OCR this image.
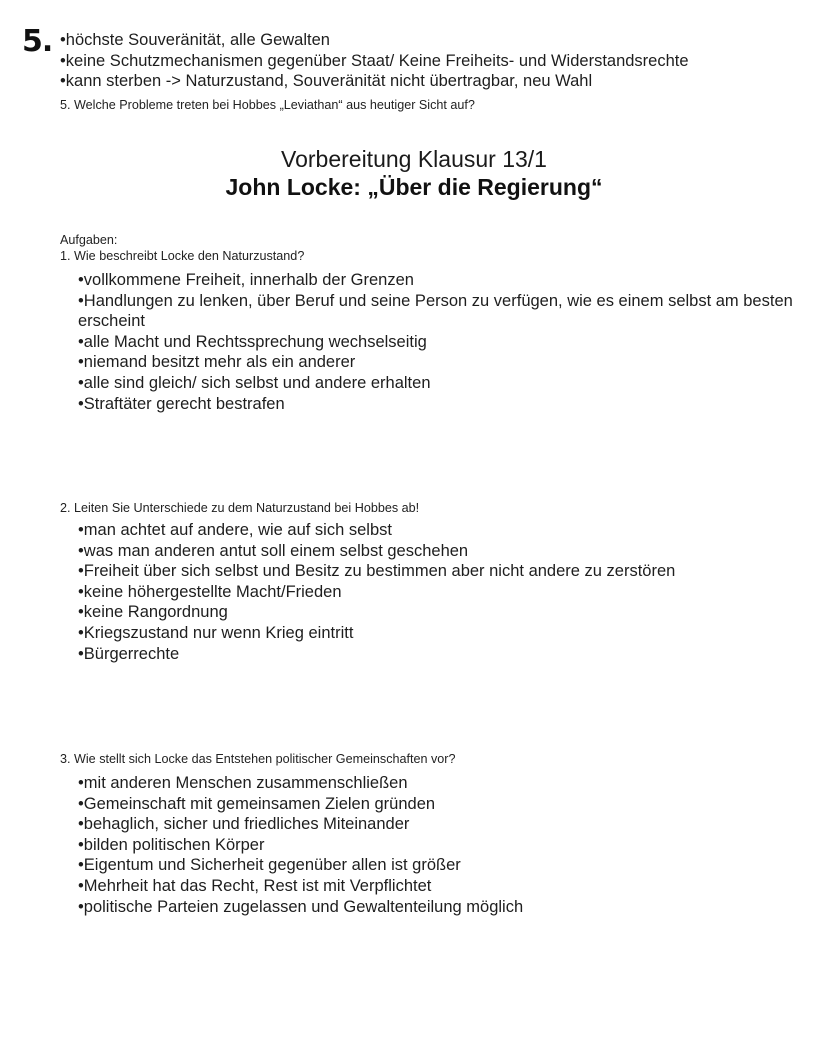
5.
• höchste Souveränität, alle Gewalten
• keine Schutzmechanismen gegenüber Staat/ Keine Freiheits- und Widerstandsrechte
• kann sterben -> Naturzustand, Souveränität nicht übertragbar, neu Wahl
5. Welche Probleme treten bei Hobbes „Leviathan“ aus heutiger Sicht auf?
Vorbereitung Klausur 13/1
John Locke: „Über die Regierung“
Aufgaben:
1. Wie beschreibt Locke den Naturzustand?
• vollkommene Freiheit, innerhalb der Grenzen
• Handlungen zu lenken, über Beruf und seine Person zu verfügen, wie es einem selbst am besten erscheint
• alle Macht und Rechtssprechung wechselseitig
• niemand besitzt mehr als ein anderer
• alle sind gleich/ sich selbst und andere erhalten
• Straftäter gerecht bestrafen
2. Leiten Sie Unterschiede zu dem Naturzustand bei Hobbes ab!
• man achtet auf andere, wie auf sich selbst
• was man anderen antut soll einem selbst geschehen
• Freiheit über sich selbst und Besitz zu bestimmen aber nicht andere zu zerstören
• keine höhergestellte Macht/Frieden
• keine Rangordnung
• Kriegszustand nur wenn Krieg eintritt
• Bürgerrechte
3. Wie stellt sich Locke das Entstehen politischer Gemeinschaften vor?
• mit anderen Menschen zusammenschließen
• Gemeinschaft mit gemeinsamen Zielen gründen
• behaglich, sicher und friedliches Miteinander
• bilden politischen Körper
• Eigentum und Sicherheit gegenüber allen ist größer
• Mehrheit hat das Recht, Rest ist mit Verpflichtet
• politische Parteien zugelassen und Gewaltenteilung möglich
